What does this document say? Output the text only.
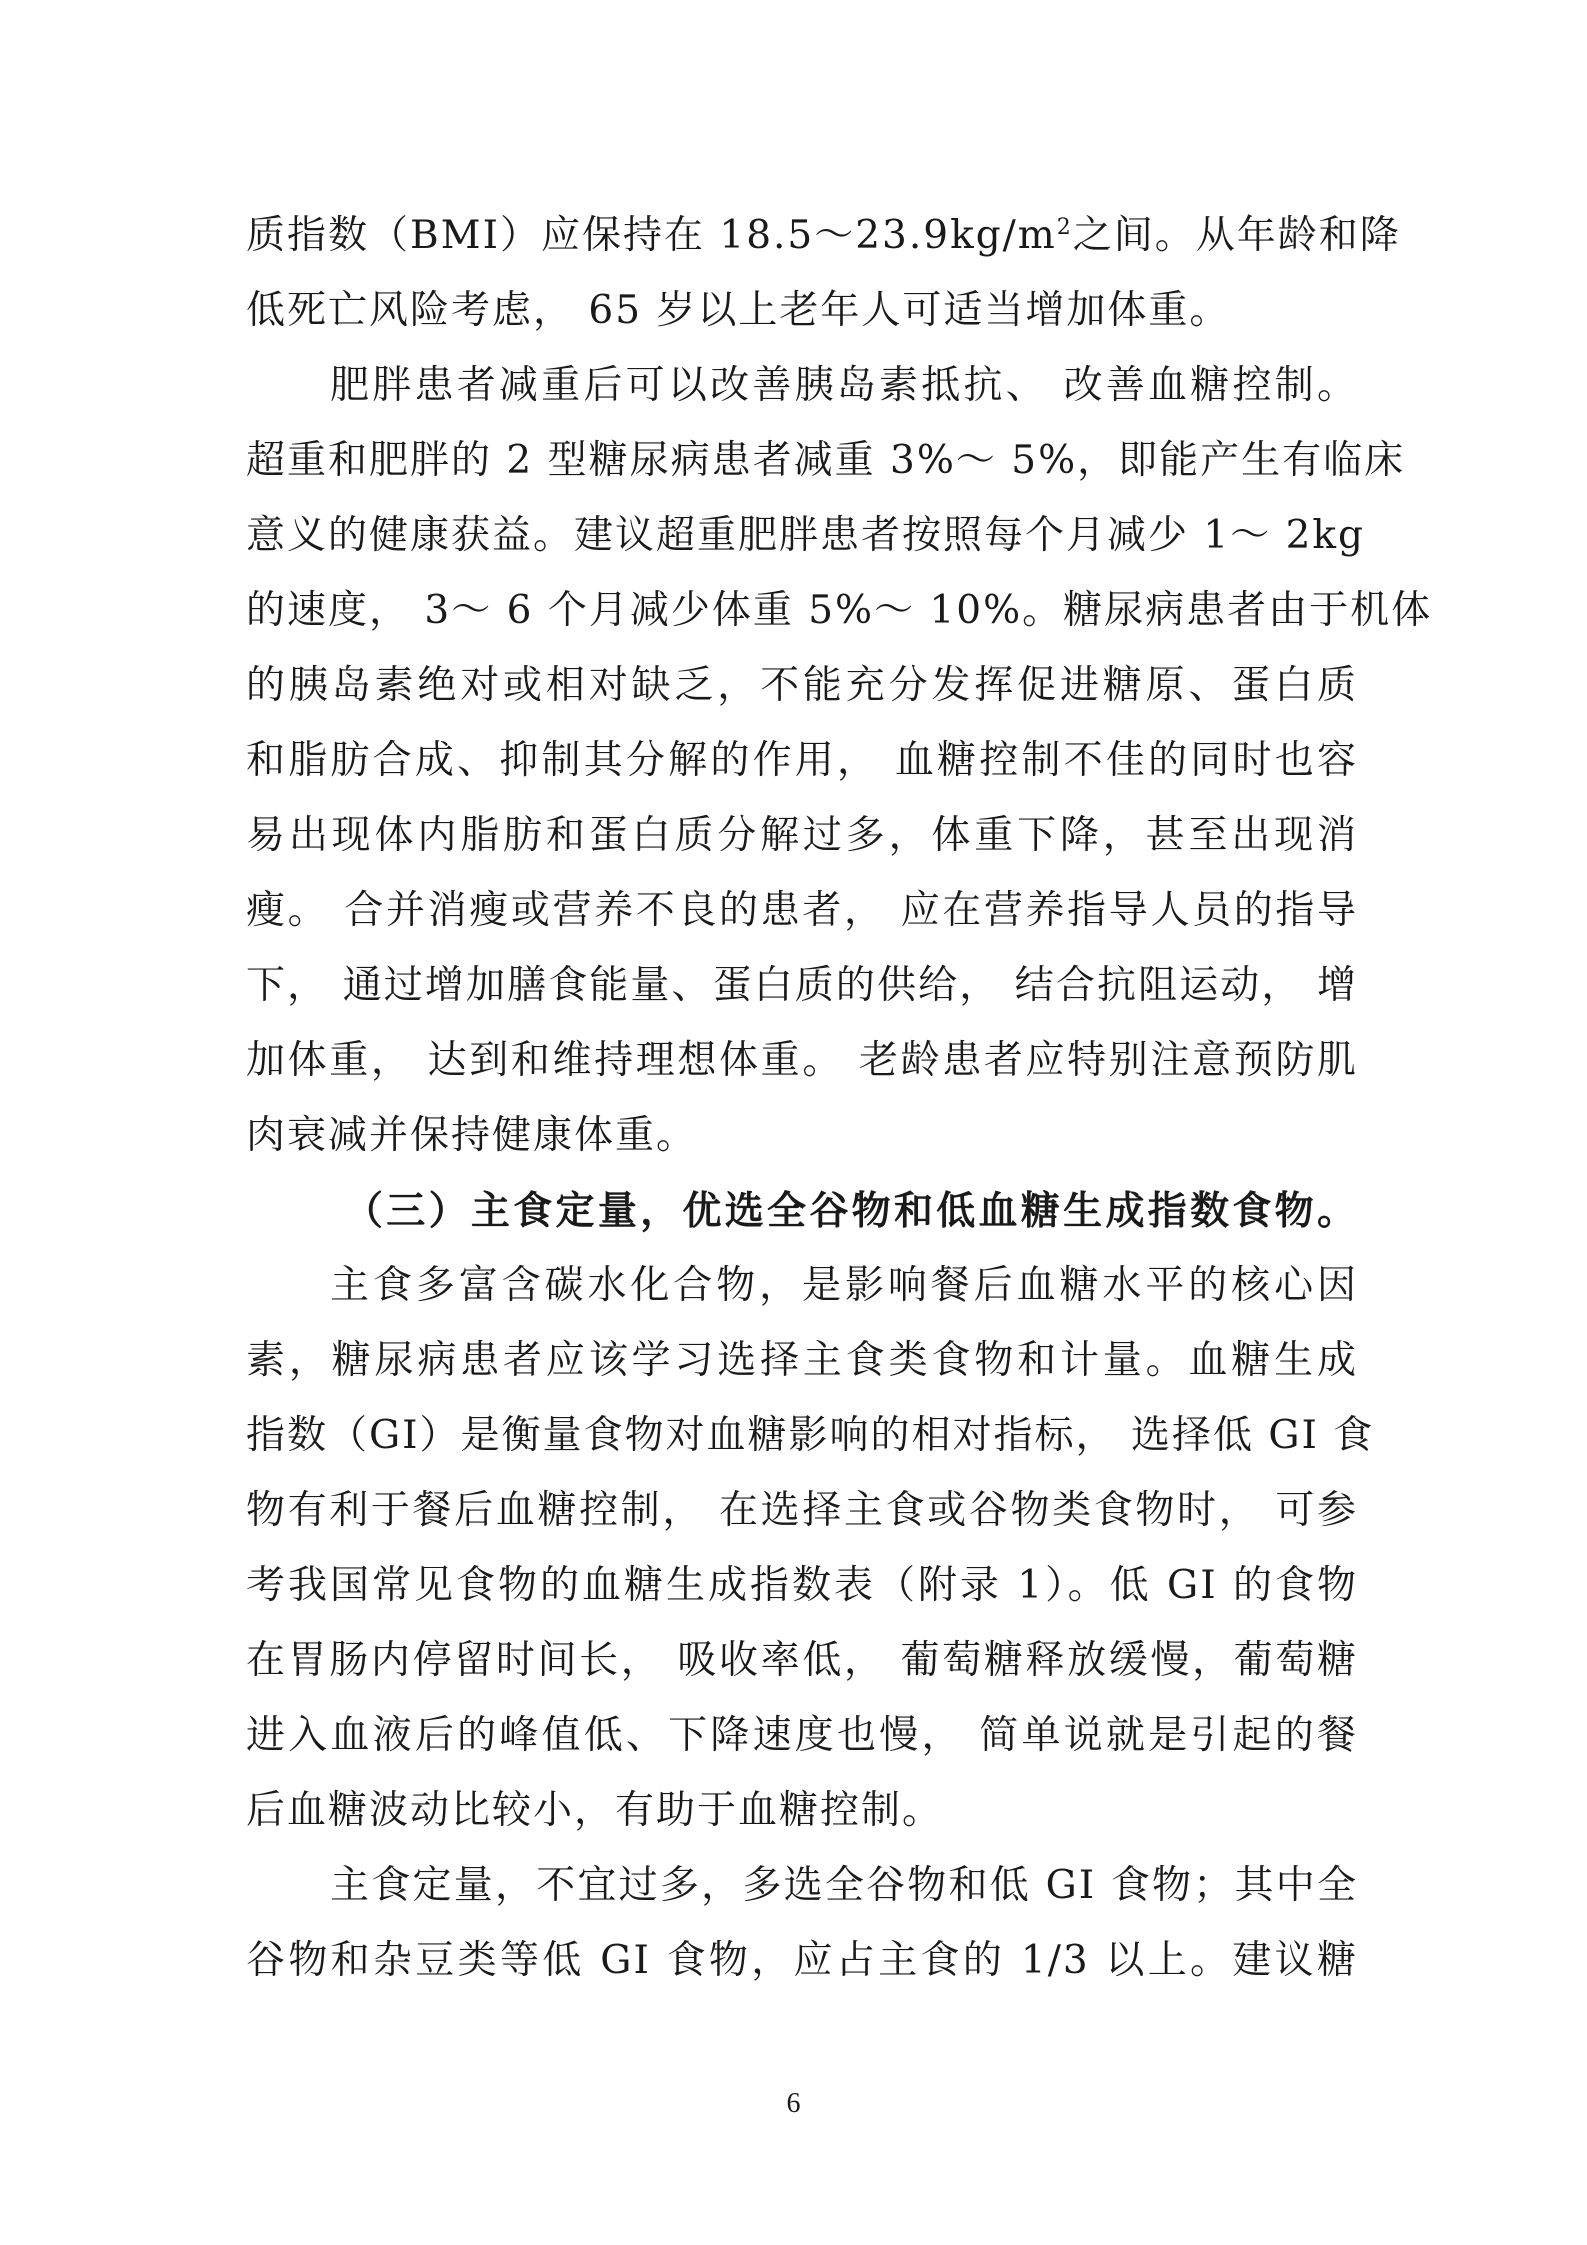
质指数（BMI）应保持在 $18.5\sim 23.9kg/m^2$之间。从年龄和降
低死亡风险考虑， 65 岁以上老年人可适当增加体重。
肥胖患者减重后可以改善胰岛素抵抗、 改善血糖控制。
超重和肥胖的 2 型糖尿病患者减重 3%～ 5%，即能产生有临床
意义的健康获益。建议超重肥胖患者按照每个月减少 1～ 2kg
的速度， 3～ 6 个月减少体重 5%～ 10%。糖尿病患者由于机体
的胰岛素绝对或相对缺乏，不能充分发挥促进糖原、蛋白质
和脂肪合成、抑制其分解的作用， 血糖控制不佳的同时也容
易出现体内脂肪和蛋白质分解过多，体重下降，甚至出现消
瘦。 合并消瘦或营养不良的患者， 应在营养指导人员的指导
下， 通过增加膳食能量、蛋白质的供给， 结合抗阻运动， 增
加体重， 达到和维持理想体重。 老龄患者应特别注意预防肌
肉衰减并保持健康体重。
（三）主食定量，优选全谷物和低血糖生成指数食物。
主食多富含碳水化合物，是影响餐后血糖水平的核心因
素，糖尿病患者应该学习选择主食类食物和计量。血糖生成
指数（GI）是衡量食物对血糖影响的相对指标， 选择低 GI 食
物有利于餐后血糖控制， 在选择主食或谷物类食物时， 可参
考我国常见食物的血糖生成指数表（附录 1）。低 GI 的食物
在胃肠内停留时间长， 吸收率低， 葡萄糖释放缓慢，葡萄糖
进入血液后的峰值低、下降速度也慢， 简单说就是引起的餐
后血糖波动比较小，有助于血糖控制。
主食定量，不宜过多，多选全谷物和低 GI 食物；其中全
谷物和杂豆类等低 GI 食物，应占主食的 1/3 以上。建议糖
6
